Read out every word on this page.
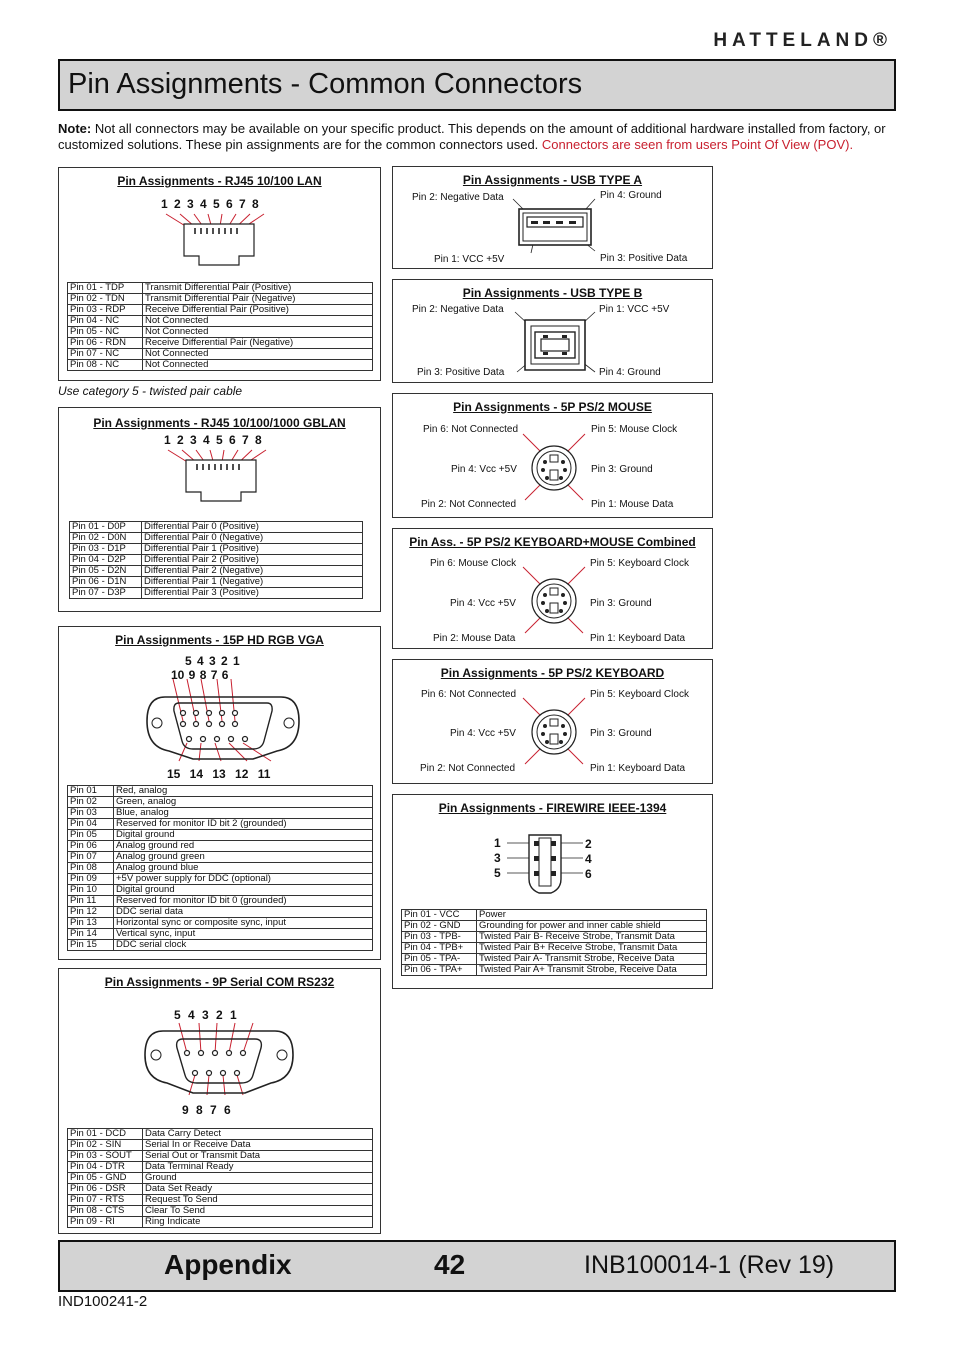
HATTELAND®
Pin Assignments - Common Connectors
Note: Not all connectors may be available on your specific product. This depends on the amount of additional hardware installed from factory, or customized solutions. These pin assignments are for the common connectors used. Connectors are seen from users Point Of View (POV).
Pin Assignments - RJ45 10/100 LAN
1 2 3 4 5 6 7 8
Pin 01 - TDP	Transmit Differential Pair (Positive)
Pin 02 - TDN	Transmit Differential Pair (Negative)
Pin 03 - RDP	Receive Differential Pair (Positive)
Pin 04 - NC	Not Connected
Pin 05 - NC	Not Connected
Pin 06 - RDN	Receive Differential Pair (Negative)
Pin 07 - NC	Not Connected
Pin 08 - NC	Not Connected
Use category 5 - twisted pair cable
Pin Assignments - RJ45 10/100/1000 GBLAN
1 2 3 4 5 6 7 8
Pin 01 - D0P	Differential Pair 0 (Positive)
Pin 02 - D0N	Differential Pair 0 (Negative)
Pin 03 - D1P	Differential Pair 1 (Positive)
Pin 04 - D2P	Differential Pair 2 (Positive)
Pin 05 - D2N	Differential Pair 2 (Negative)
Pin 06 - D1N	Differential Pair 1 (Negative)
Pin 07 - D3P	Differential Pair 3 (Positive)
Pin Assignments - 15P HD RGB VGA
5 4 3 2 1
10 9 8 7 6
15 14 13 12 11
Pin 01	Red, analog
Pin 02	Green, analog
Pin 03	Blue, analog
Pin 04	Reserved for monitor ID bit 2 (grounded)
Pin 05	Digital ground
Pin 06	Analog ground red
Pin 07	Analog ground green
Pin 08	Analog ground blue
Pin 09	+5V power supply for DDC (optional)
Pin 10	Digital ground
Pin 11	Reserved for monitor ID bit 0 (grounded)
Pin 12	DDC serial data
Pin 13	Horizontal sync or composite sync, input
Pin 14	Vertical sync, input
Pin 15	DDC serial clock
Pin Assignments - 9P Serial COM RS232
5 4 3 2 1
9 8 7 6
Pin 01 - DCD	Data Carry Detect
Pin 02 - SIN	Serial In or Receive Data
Pin 03 - SOUT	Serial Out or Transmit Data
Pin 04 - DTR	Data Terminal Ready
Pin 05 - GND	Ground
Pin 06 - DSR	Data Set Ready
Pin 07 - RTS	Request To Send
Pin 08 - CTS	Clear To Send
Pin 09 - RI	Ring Indicate
Pin Assignments - USB TYPE A
Pin 2: Negative Data	Pin 4: Ground
Pin 1: VCC +5V	Pin 3: Positive Data
Pin Assignments - USB TYPE B
Pin 2: Negative Data	Pin 1: VCC +5V
Pin 3: Positive Data	Pin 4: Ground
Pin Assignments - 5P PS/2 MOUSE
Pin 6: Not Connected	Pin 5: Mouse Clock
Pin 4: Vcc +5V	Pin 3: Ground
Pin 2: Not Connected	Pin 1: Mouse Data
Pin Ass. - 5P PS/2 KEYBOARD+MOUSE Combined
Pin 6: Mouse Clock	Pin 5: Keyboard Clock
Pin 4: Vcc +5V	Pin 3: Ground
Pin 2: Mouse Data	Pin 1: Keyboard Data
Pin Assignments - 5P PS/2 KEYBOARD
Pin 6: Not Connected	Pin 5: Keyboard Clock
Pin 4: Vcc +5V	Pin 3: Ground
Pin 2: Not Connected	Pin 1: Keyboard Data
Pin Assignments - FIREWIRE IEEE-1394
1
3
5
2
4
6
Pin 01 - VCC	Power
Pin 02 - GND	Grounding for power and inner cable shield
Pin 03 - TPB-	Twisted Pair B- Receive Strobe, Transmit Data
Pin 04 - TPB+	Twisted Pair B+ Receive Strobe, Transmit Data
Pin 05 - TPA-	Twisted Pair A- Transmit Strobe, Receive Data
Pin 06 - TPA+	Twisted Pair A+ Transmit Strobe, Receive Data
Appendix	42	INB100014-1 (Rev 19)
IND100241-2
